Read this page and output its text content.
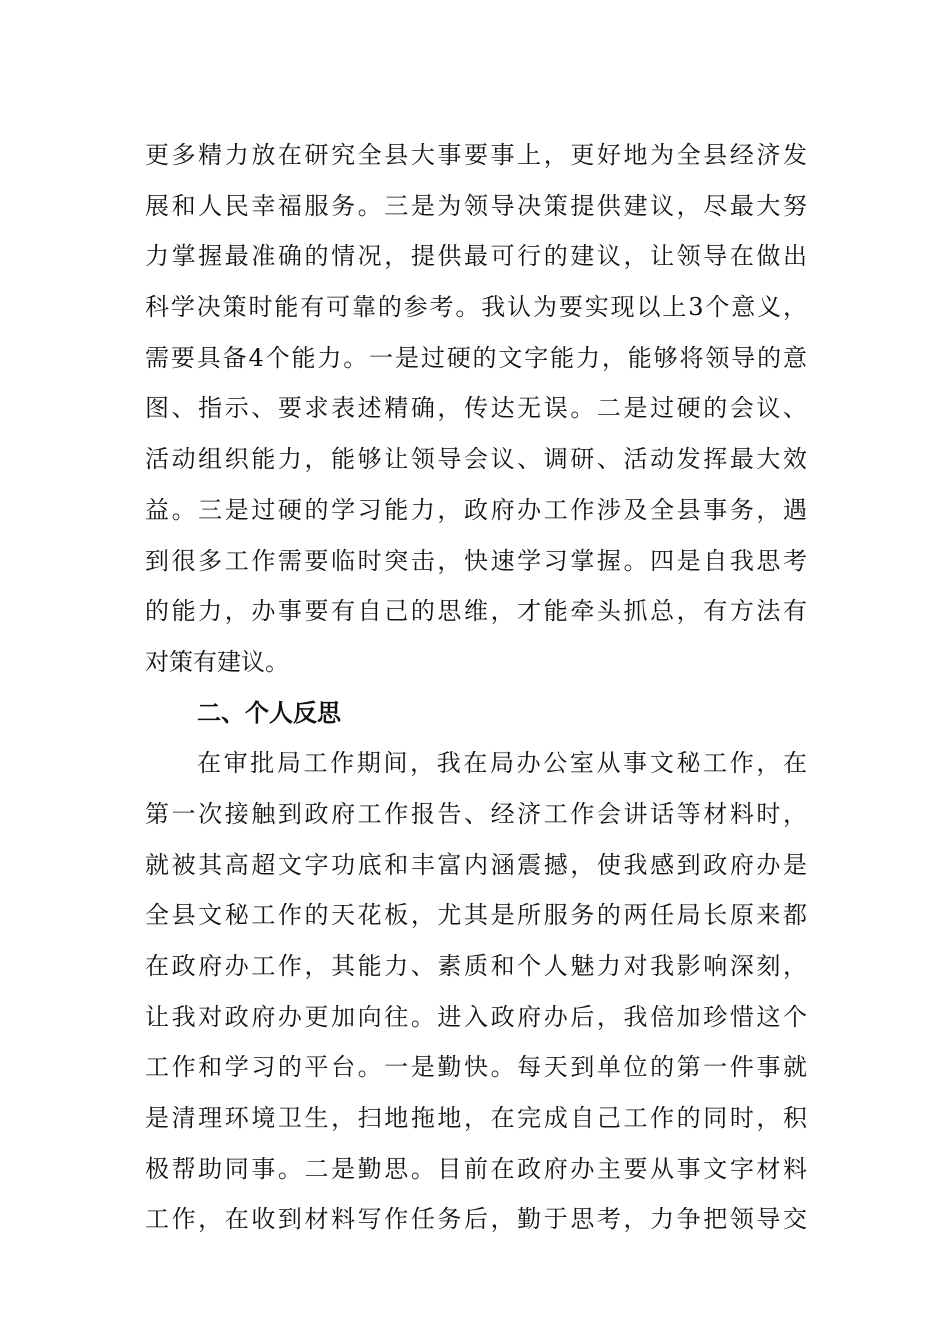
更多精力放在研究全县大事要事上，更好地为全县经济发
展和人民幸福服务。三是为领导决策提供建议，尽最大努
力掌握最准确的情况，提供最可行的建议，让领导在做出
科学决策时能有可靠的参考。我认为要实现以上3个意义，
需要具备4个能力。一是过硬的文字能力，能够将领导的意
图、指示、要求表述精确，传达无误。二是过硬的会议、
活动组织能力，能够让领导会议、调研、活动发挥最大效
益。三是过硬的学习能力，政府办工作涉及全县事务，遇
到很多工作需要临时突击，快速学习掌握。四是自我思考
的能力，办事要有自己的思维，才能牵头抓总，有方法有
对策有建议。
二、个人反思
在审批局工作期间，我在局办公室从事文秘工作，在
第一次接触到政府工作报告、经济工作会讲话等材料时，
就被其高超文字功底和丰富内涵震撼，使我感到政府办是
全县文秘工作的天花板，尤其是所服务的两任局长原来都
在政府办工作，其能力、素质和个人魅力对我影响深刻，
让我对政府办更加向往。进入政府办后，我倍加珍惜这个
工作和学习的平台。一是勤快。每天到单位的第一件事就
是清理环境卫生，扫地拖地，在完成自己工作的同时，积
极帮助同事。二是勤思。目前在政府办主要从事文字材料
工作，在收到材料写作任务后，勤于思考，力争把领导交
